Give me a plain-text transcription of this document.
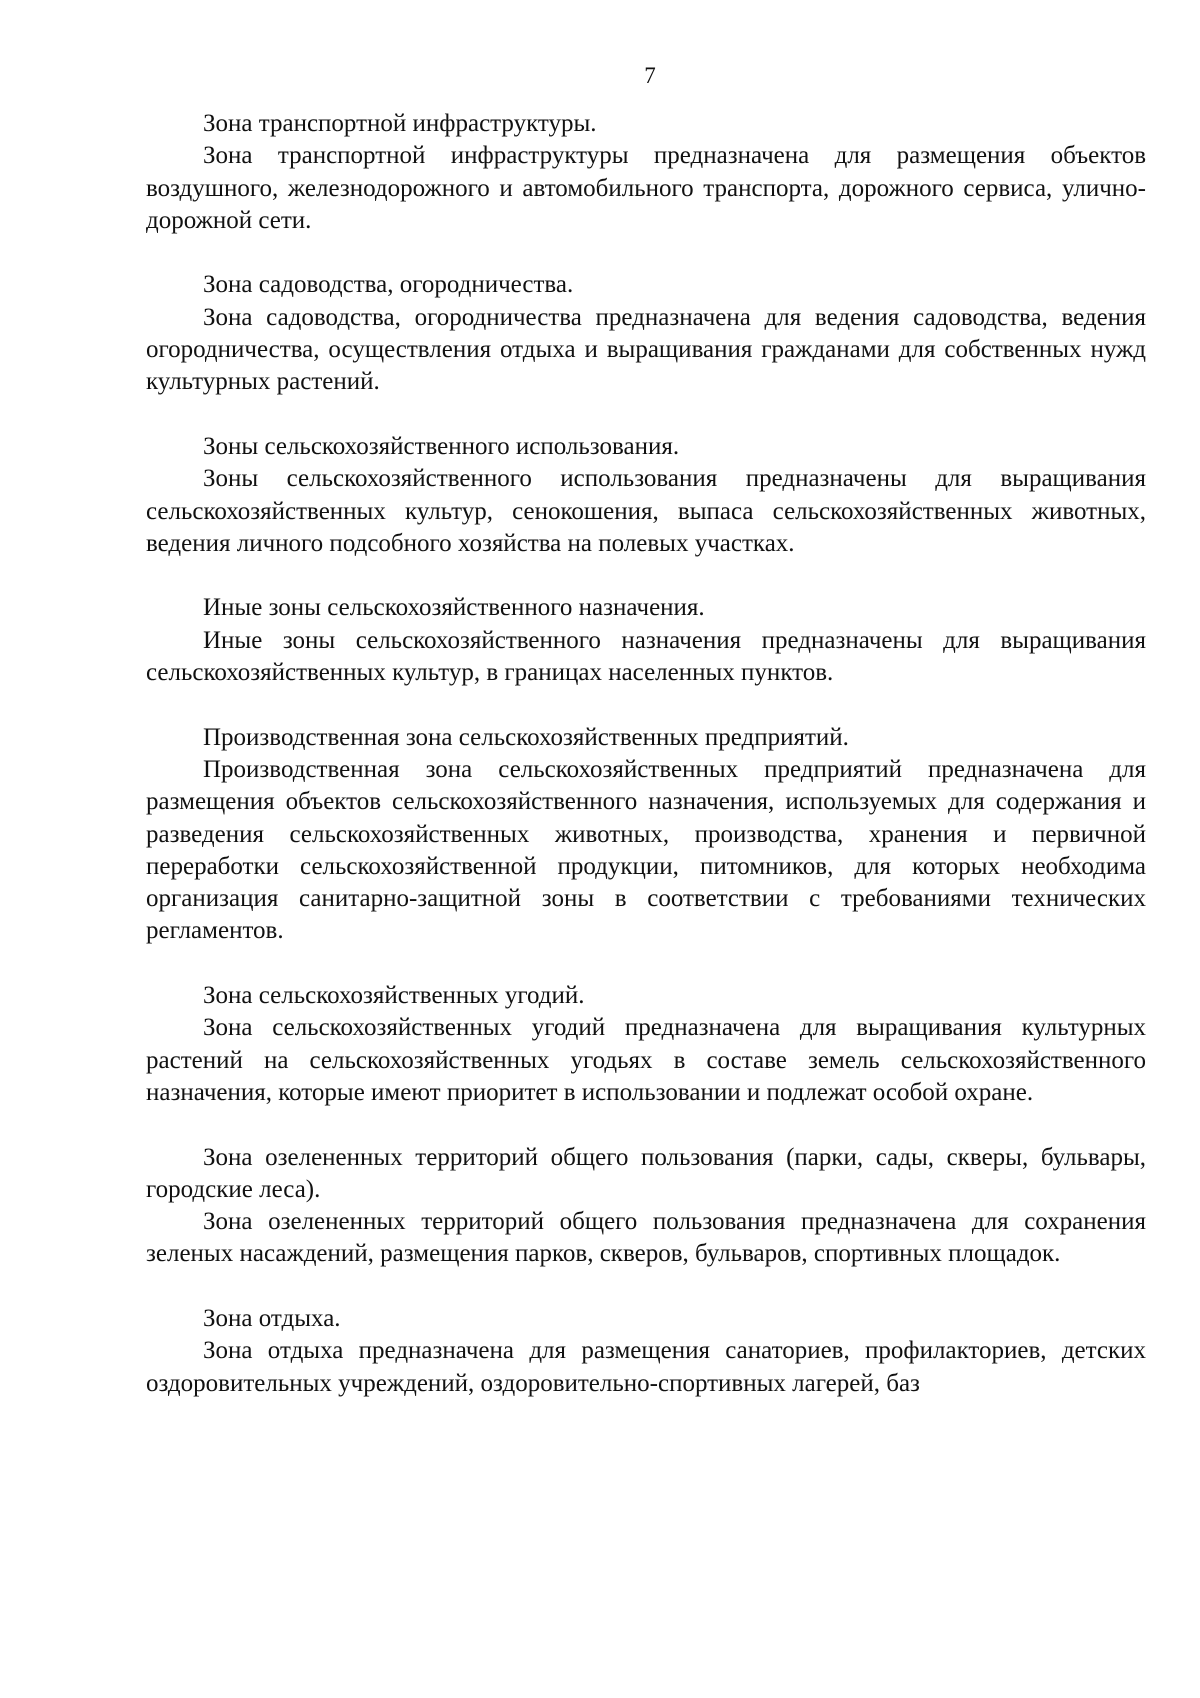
7

Зона транспортной инфраструктуры.

Зона транспортной инфраструктуры предназначена для размещения объектов воздушного, железнодорожного и автомобильного транспорта, дорожного сервиса, улично-дорожной сети.

Зона садоводства, огородничества.

Зона садоводства, огородничества предназначена для ведения садоводства, ведения огородничества, осуществления отдыха и выращивания гражданами для собственных нужд культурных растений.

Зоны сельскохозяйственного использования.

Зоны сельскохозяйственного использования предназначены для выращивания сельскохозяйственных культур, сенокошения, выпаса сельскохозяйственных животных, ведения личного подсобного хозяйства на полевых участках.

Иные зоны сельскохозяйственного назначения.

Иные зоны сельскохозяйственного назначения предназначены для выращивания сельскохозяйственных культур, в границах населенных пунктов.

Производственная зона сельскохозяйственных предприятий.

Производственная зона сельскохозяйственных предприятий предназначена для размещения объектов сельскохозяйственного назначения, используемых для содержания и разведения сельскохозяйственных животных, производства, хранения и первичной переработки сельскохозяйственной продукции, питомников, для которых необходима организация санитарно-защитной зоны в соответствии с требованиями технических регламентов.

Зона сельскохозяйственных угодий.

Зона сельскохозяйственных угодий предназначена для выращивания культурных растений на сельскохозяйственных угодьях в составе земель сельскохозяйственного назначения, которые имеют приоритет в использовании и подлежат особой охране.

Зона озелененных территорий общего пользования (парки, сады, скверы, бульвары, городские леса).

Зона озелененных территорий общего пользования предназначена для сохранения зеленых насаждений, размещения парков, скверов, бульваров, спортивных площадок.

Зона отдыха.

Зона отдыха предназначена для размещения санаториев, профилакториев, детских оздоровительных учреждений, оздоровительно-спортивных лагерей, баз
